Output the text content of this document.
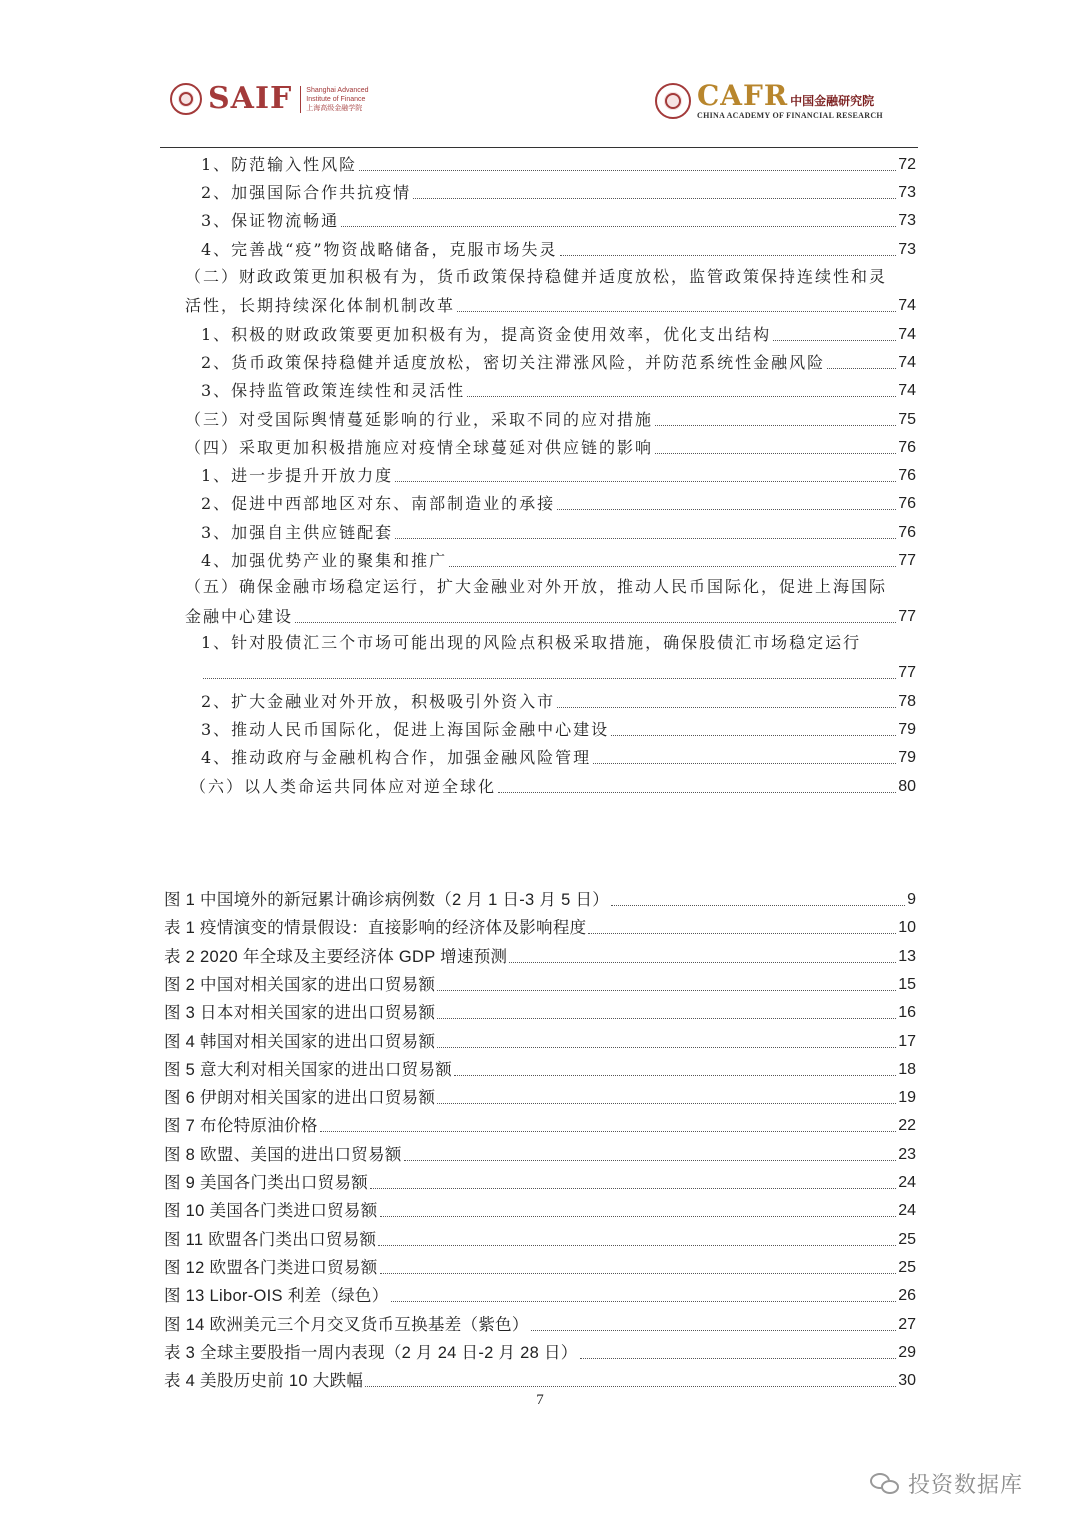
SAIF Shanghai Advanced
Institute of Finance
上海高级金融学院	CAFR 中国金融研究院
CHINA ACADEMY OF FINANCIAL RESEARCH
1、防范输入性风险	72
2、加强国际合作共抗疫情	73
3、保证物流畅通	73
4、完善战“疫”物资战略储备，克服市场失灵	73
（二）财政政策更加积极有为，货币政策保持稳健并适度放松，监管政策保持连续性和灵
活性，长期持续深化体制机制改革	74
1、积极的财政政策要更加积极有为，提高资金使用效率，优化支出结构	74
2、货币政策保持稳健并适度放松，密切关注滞涨风险，并防范系统性金融风险	74
3、保持监管政策连续性和灵活性	74
（三）对受国际舆情蔓延影响的行业，采取不同的应对措施	75
（四）采取更加积极措施应对疫情全球蔓延对供应链的影响	76
1、进一步提升开放力度	76
2、促进中西部地区对东、南部制造业的承接	76
3、加强自主供应链配套	76
4、加强优势产业的聚集和推广	77
（五）确保金融市场稳定运行，扩大金融业对外开放，推动人民币国际化，促进上海国际
金融中心建设	77
1、针对股债汇三个市场可能出现的风险点积极采取措施，确保股债汇市场稳定运行
77
2、扩大金融业对外开放，积极吸引外资入市	78
3、推动人民币国际化，促进上海国际金融中心建设	79
4、推动政府与金融机构合作，加强金融风险管理	79
（六）以人类命运共同体应对逆全球化	80
图 1 中国境外的新冠累计确诊病例数（2 月 1 日-3 月 5 日）	9
表 1 疫情演变的情景假设：直接影响的经济体及影响程度	10
表 2 2020 年全球及主要经济体 GDP 增速预测	13
图 2 中国对相关国家的进出口贸易额	15
图 3 日本对相关国家的进出口贸易额	16
图 4 韩国对相关国家的进出口贸易额	17
图 5 意大利对相关国家的进出口贸易额	18
图 6 伊朗对相关国家的进出口贸易额	19
图 7 布伦特原油价格	22
图 8 欧盟、美国的进出口贸易额	23
图 9 美国各门类出口贸易额	24
图 10 美国各门类进口贸易额	24
图 11 欧盟各门类出口贸易额	25
图 12 欧盟各门类进口贸易额	25
图 13 Libor-OIS 利差（绿色）	26
图 14 欧洲美元三个月交叉货币互换基差（紫色）	27
表 3 全球主要股指一周内表现（2 月 24 日-2 月 28 日）	29
表 4 美股历史前 10 大跌幅	30
7
投资数据库
